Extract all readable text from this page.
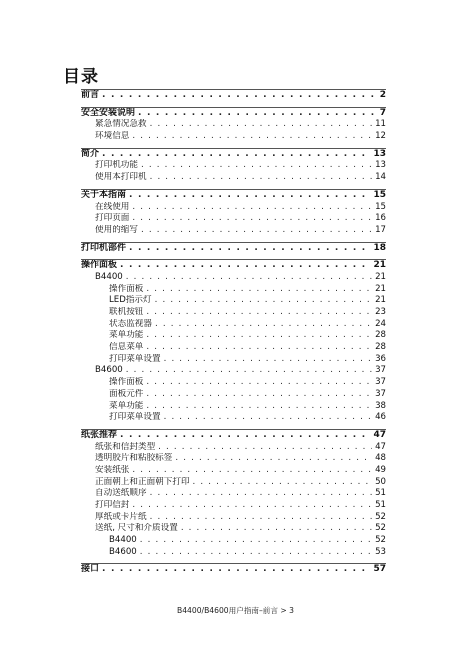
目录
前言 . . .	2
安全安装说明 . . .	7
紧急情况急救 . . .	11
环境信息 . . .	12
简介 . . .	13
打印机功能 . . .	13
使用本打印机 . . .	14
关于本指南 . . .	15
在线使用 . . .	15
打印页面 . . .	16
使用的缩写 . . .	17
打印机部件 . . .	18
操作面板 . . .	21
B4400 . . .	21
操作面板 . . .	21
LED指示灯 . . .	21
联机按钮 . . .	23
状态监视器 . . .	24
菜单功能 . . .	28
信息菜单 . . .	28
打印菜单设置 . . .	36
B4600 . . .	37
操作面板 . . .	37
面板元件 . . .	37
菜单功能 . . .	38
打印菜单设置 . . .	46
纸张推荐 . . .	47
纸张和信封类型 . . .	47
透明胶片和粘胶标签 . . .	48
安装纸张 . . .	49
正面朝上和正面朝下打印 . . .	50
自动送纸顺序 . . .	51
打印信封 . . .	51
厚纸或卡片纸 . . .	52
送纸, 尺寸和介质设置 . . .	52
B4400 . . .	52
B4600 . . .	53
接口 . . .	57
B4400/B4600用户指南–前言 > 3
